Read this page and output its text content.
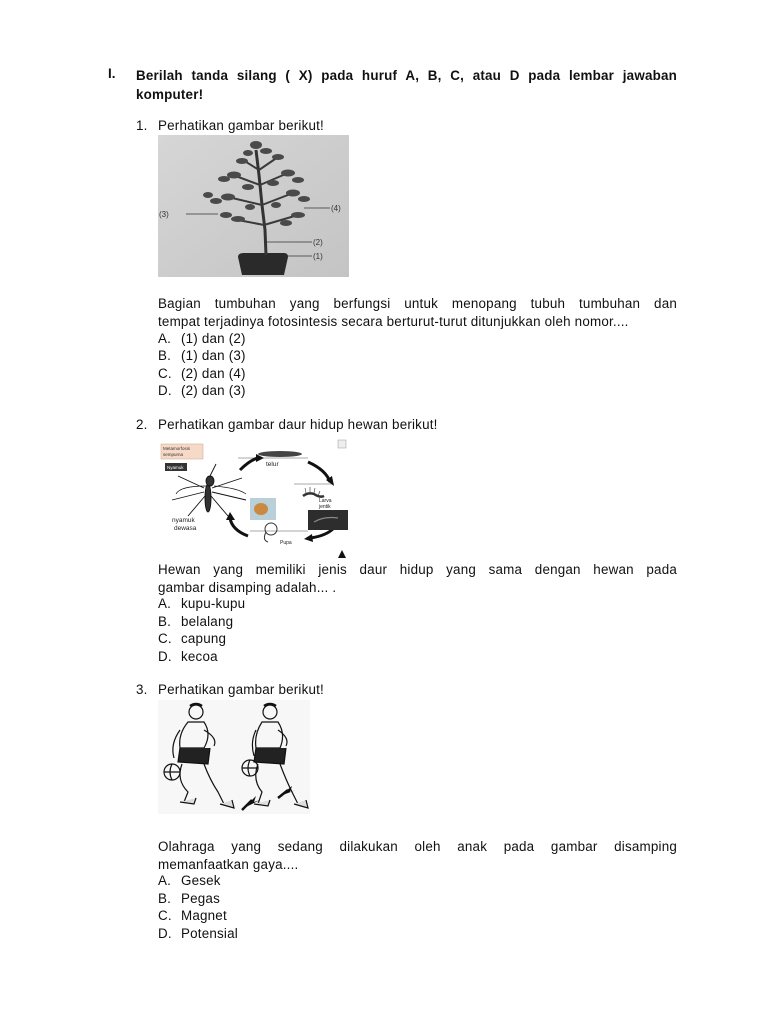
I. Berilah tanda silang ( X) pada huruf A, B, C, atau D pada lembar jawaban komputer!
1. Perhatikan gambar berikut!
(3)
(4)
(2)
(1)
Bagian tumbuhan yang berfungsi untuk menopang tubuh tumbuhan dan
tempat terjadinya fotosintesis secara berturut-turut ditunjukkan oleh nomor....
A. (1) dan (2)
B. (1) dan (3)
C. (2) dan (4)
D. (2) dan (3)
2. Perhatikan gambar daur hidup hewan berikut!
Metamorfosis
sempurna
Nyamuk	telur
Larva
jentik
Pupa
nyamuk
dewasa
Hewan yang memiliki jenis daur hidup yang sama dengan hewan pada
gambar disamping adalah... .
A. kupu-kupu
B. belalang
C. capung
D. kecoa
3. Perhatikan gambar berikut!
Olahraga yang sedang dilakukan oleh anak pada gambar disamping
memanfaatkan gaya....
A. Gesek
B. Pegas
C. Magnet
D. Potensial
